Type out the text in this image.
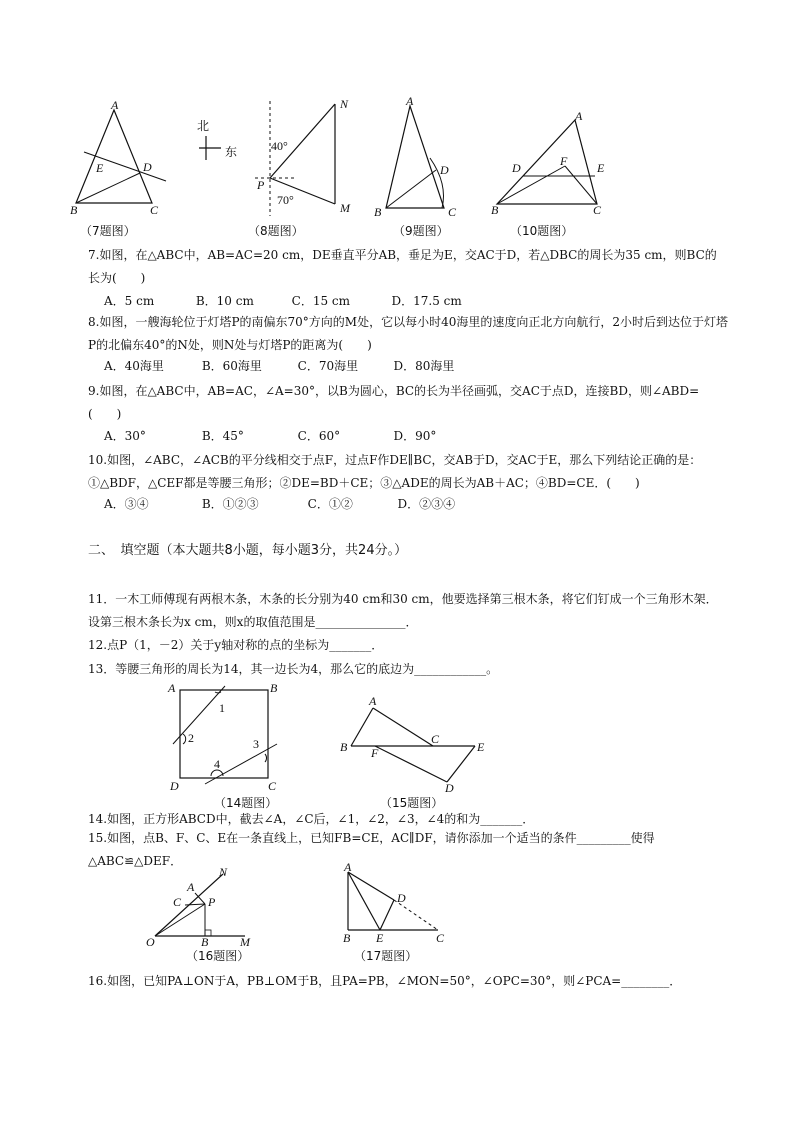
A
D
E
B	C
（7题图）
北
东
N
40°
P
70°
M
（8题图）
A
D
B	C
（9题图）
A
D	F E
B	C
（10题图）
7.如图，在△ABC中，AB=AC=20 cm，DE垂直平分AB，垂足为E，交AC于D，若△DBC的周长为35 cm，则BC的长为(　　)
A．5 cm	B．10 cm	C．15 cm	D．17.5 cm
8.如图，一艘海轮位于灯塔P的南偏东70°方向的M处，它以每小时40海里的速度向正北方向航行，2小时后到达位于灯塔P的北偏东40°的N处，则N处与灯塔P的距离为(　　)
A．40海里	B．60海里	C．70海里	D．80海里
9.如图，在△ABC中，AB=AC，∠A=30°，以B为圆心，BC的长为半径画弧，交AC于点D，连接BD，则∠ABD=(　　)
A．30°	B．45°	C．60°	D．90°
10.如图，∠ABC，∠ACB的平分线相交于点F，过点F作DE∥BC，交AB于D，交AC于E，那么下列结论正确的是：①△BDF，△CEF都是等腰三角形；②DE=BD＋CE；③△ADE的周长为AB＋AC；④BD=CE．(　　)
A．③④	B．①②③	C．①②	D．②③④
二、　填空题（本大题共8小题，每小题3分，共24分。）
11．一木工师傅现有两根木条，木条的长分别为40 cm和30 cm，他要选择第三根木条，将它们钉成一个三角形木架．设第三根木条长为x cm，则x的取值范围是_______________．
12.点P（1，－2）关于y轴对称的点的坐标为_______．
13．等腰三角形的周长为14，其一边长为4，那么它的底边为____________。
A	B
1
2	3
4
D	C
（14题图）
A
B F
C
E
D
（15题图）
14.如图，正方形ABCD中，截去∠A，∠C后，∠1，∠2，∠3，∠4的和为_______．
15.如图，点B、F、C、E在一条直线上，已知FB=CE，AC∥DF，请你添加一个适当的条件_________使得△ABC≌△DEF．
N
A
C P
O	B	M
（16题图）
A
D
B E	C
（17题图）
16.如图，已知PA⊥ON于A，PB⊥OM于B，且PA=PB，∠MON=50°，∠OPC=30°，则∠PCA=________．
